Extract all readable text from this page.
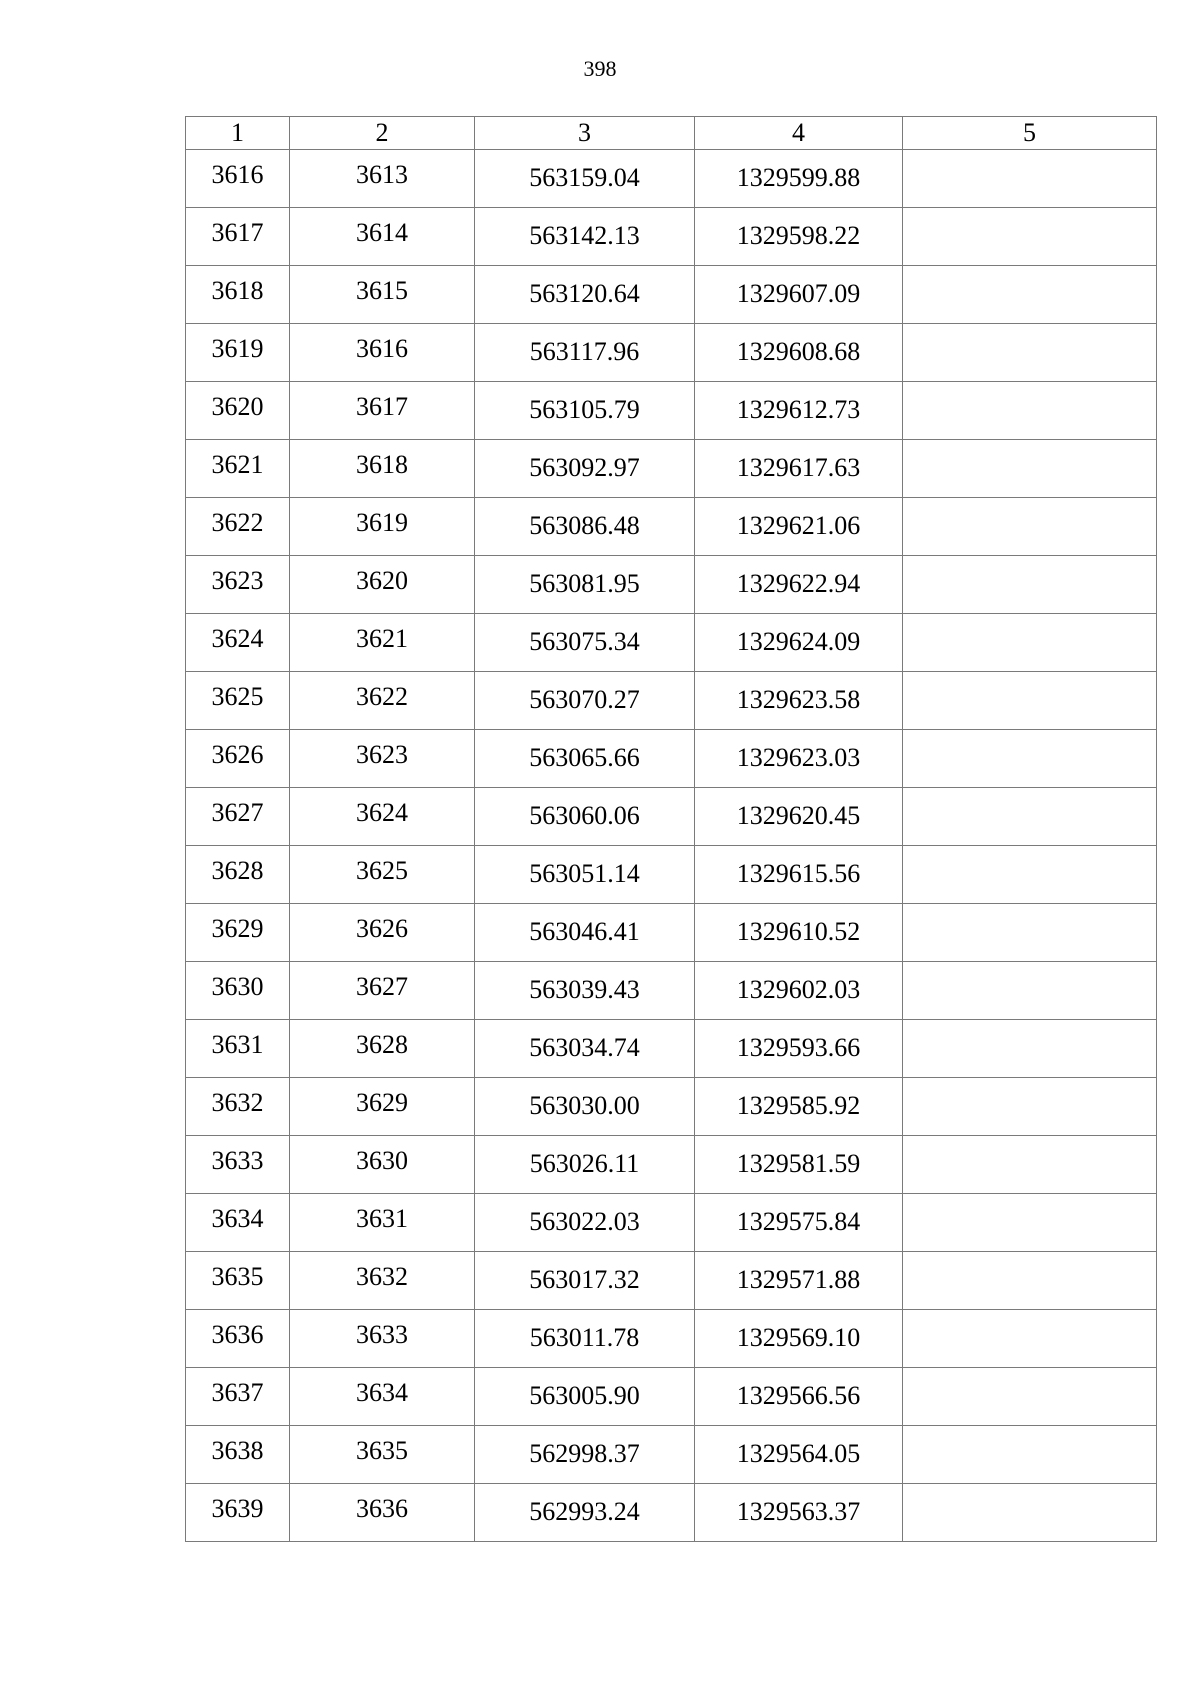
398
1	2	3	4	5
3616	3613	563159.04	1329599.88	
3617	3614	563142.13	1329598.22	
3618	3615	563120.64	1329607.09	
3619	3616	563117.96	1329608.68	
3620	3617	563105.79	1329612.73	
3621	3618	563092.97	1329617.63	
3622	3619	563086.48	1329621.06	
3623	3620	563081.95	1329622.94	
3624	3621	563075.34	1329624.09	
3625	3622	563070.27	1329623.58	
3626	3623	563065.66	1329623.03	
3627	3624	563060.06	1329620.45	
3628	3625	563051.14	1329615.56	
3629	3626	563046.41	1329610.52	
3630	3627	563039.43	1329602.03	
3631	3628	563034.74	1329593.66	
3632	3629	563030.00	1329585.92	
3633	3630	563026.11	1329581.59	
3634	3631	563022.03	1329575.84	
3635	3632	563017.32	1329571.88	
3636	3633	563011.78	1329569.10	
3637	3634	563005.90	1329566.56	
3638	3635	562998.37	1329564.05	
3639	3636	562993.24	1329563.37	
